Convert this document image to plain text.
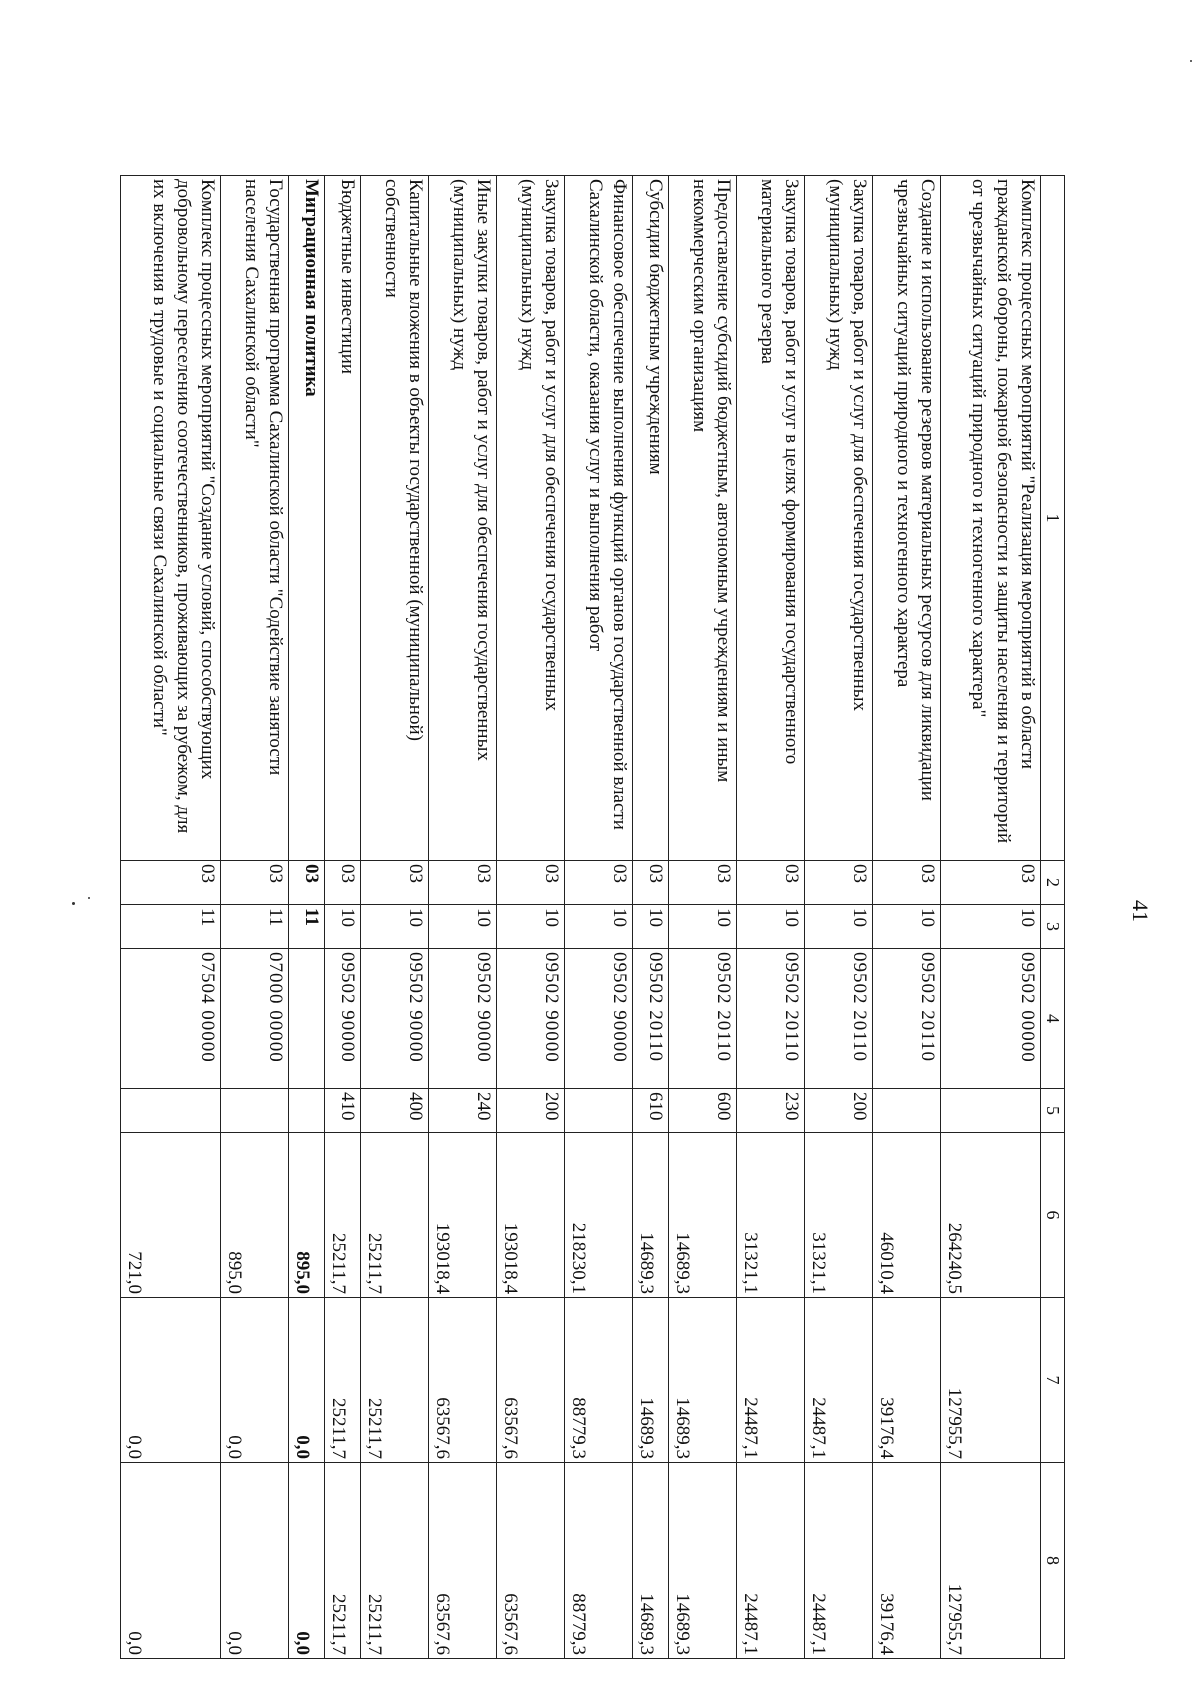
41
1	2	3	4	5	6	7	8
Комплекс процессных мероприятий "Реализация мероприятий в области гражданской обороны, пожарной безопасности и защиты населения и территорий от чрезвычайных ситуаций природного и техногенного характера"	03	10	09502 00000		264240,5	127955,7	127955,7
Создание и использование резервов материальных ресурсов для ликвидации чрезвычайных ситуаций природного и техногенного характера	03	10	09502 20110		46010,4	39176,4	39176,4
Закупка товаров, работ и услуг для обеспечения государственных (муниципальных) нужд	03	10	09502 20110	200	31321,1	24487,1	24487,1
Закупка товаров, работ и услуг в целях формирования государственного материального резерва	03	10	09502 20110	230	31321,1	24487,1	24487,1
Предоставление субсидий бюджетным, автономным учреждениям и иным некоммерческим организациям	03	10	09502 20110	600	14689,3	14689,3	14689,3
Субсидии бюджетным учреждениям	03	10	09502 20110	610	14689,3	14689,3	14689,3
Финансовое обеспечение выполнения функций органов государственной власти Сахалинской области, оказания услуг и выполнения работ	03	10	09502 90000		218230,1	88779,3	88779,3
Закупка товаров, работ и услуг для обеспечения государственных (муниципальных) нужд	03	10	09502 90000	200	193018,4	63567,6	63567,6
Иные закупки товаров, работ и услуг для обеспечения государственных (муниципальных) нужд	03	10	09502 90000	240	193018,4	63567,6	63567,6
Капитальные вложения в объекты государственной (муниципальной) собственности	03	10	09502 90000	400	25211,7	25211,7	25211,7
Бюджетные инвестиции	03	10	09502 90000	410	25211,7	25211,7	25211,7
Миграционная политика	03	11			895,0	0,0	0,0
Государственная программа Сахалинской области "Содействие занятости населения Сахалинской области"	03	11	07000 00000		895,0	0,0	0,0
Комплекс процессных мероприятий "Создание условий, способствующих добровольному переселению соотечественников, проживающих за рубежом, для их включения в трудовые и социальные связи Сахалинской области"	03	11	07504 00000		721,0	0,0	0,0
